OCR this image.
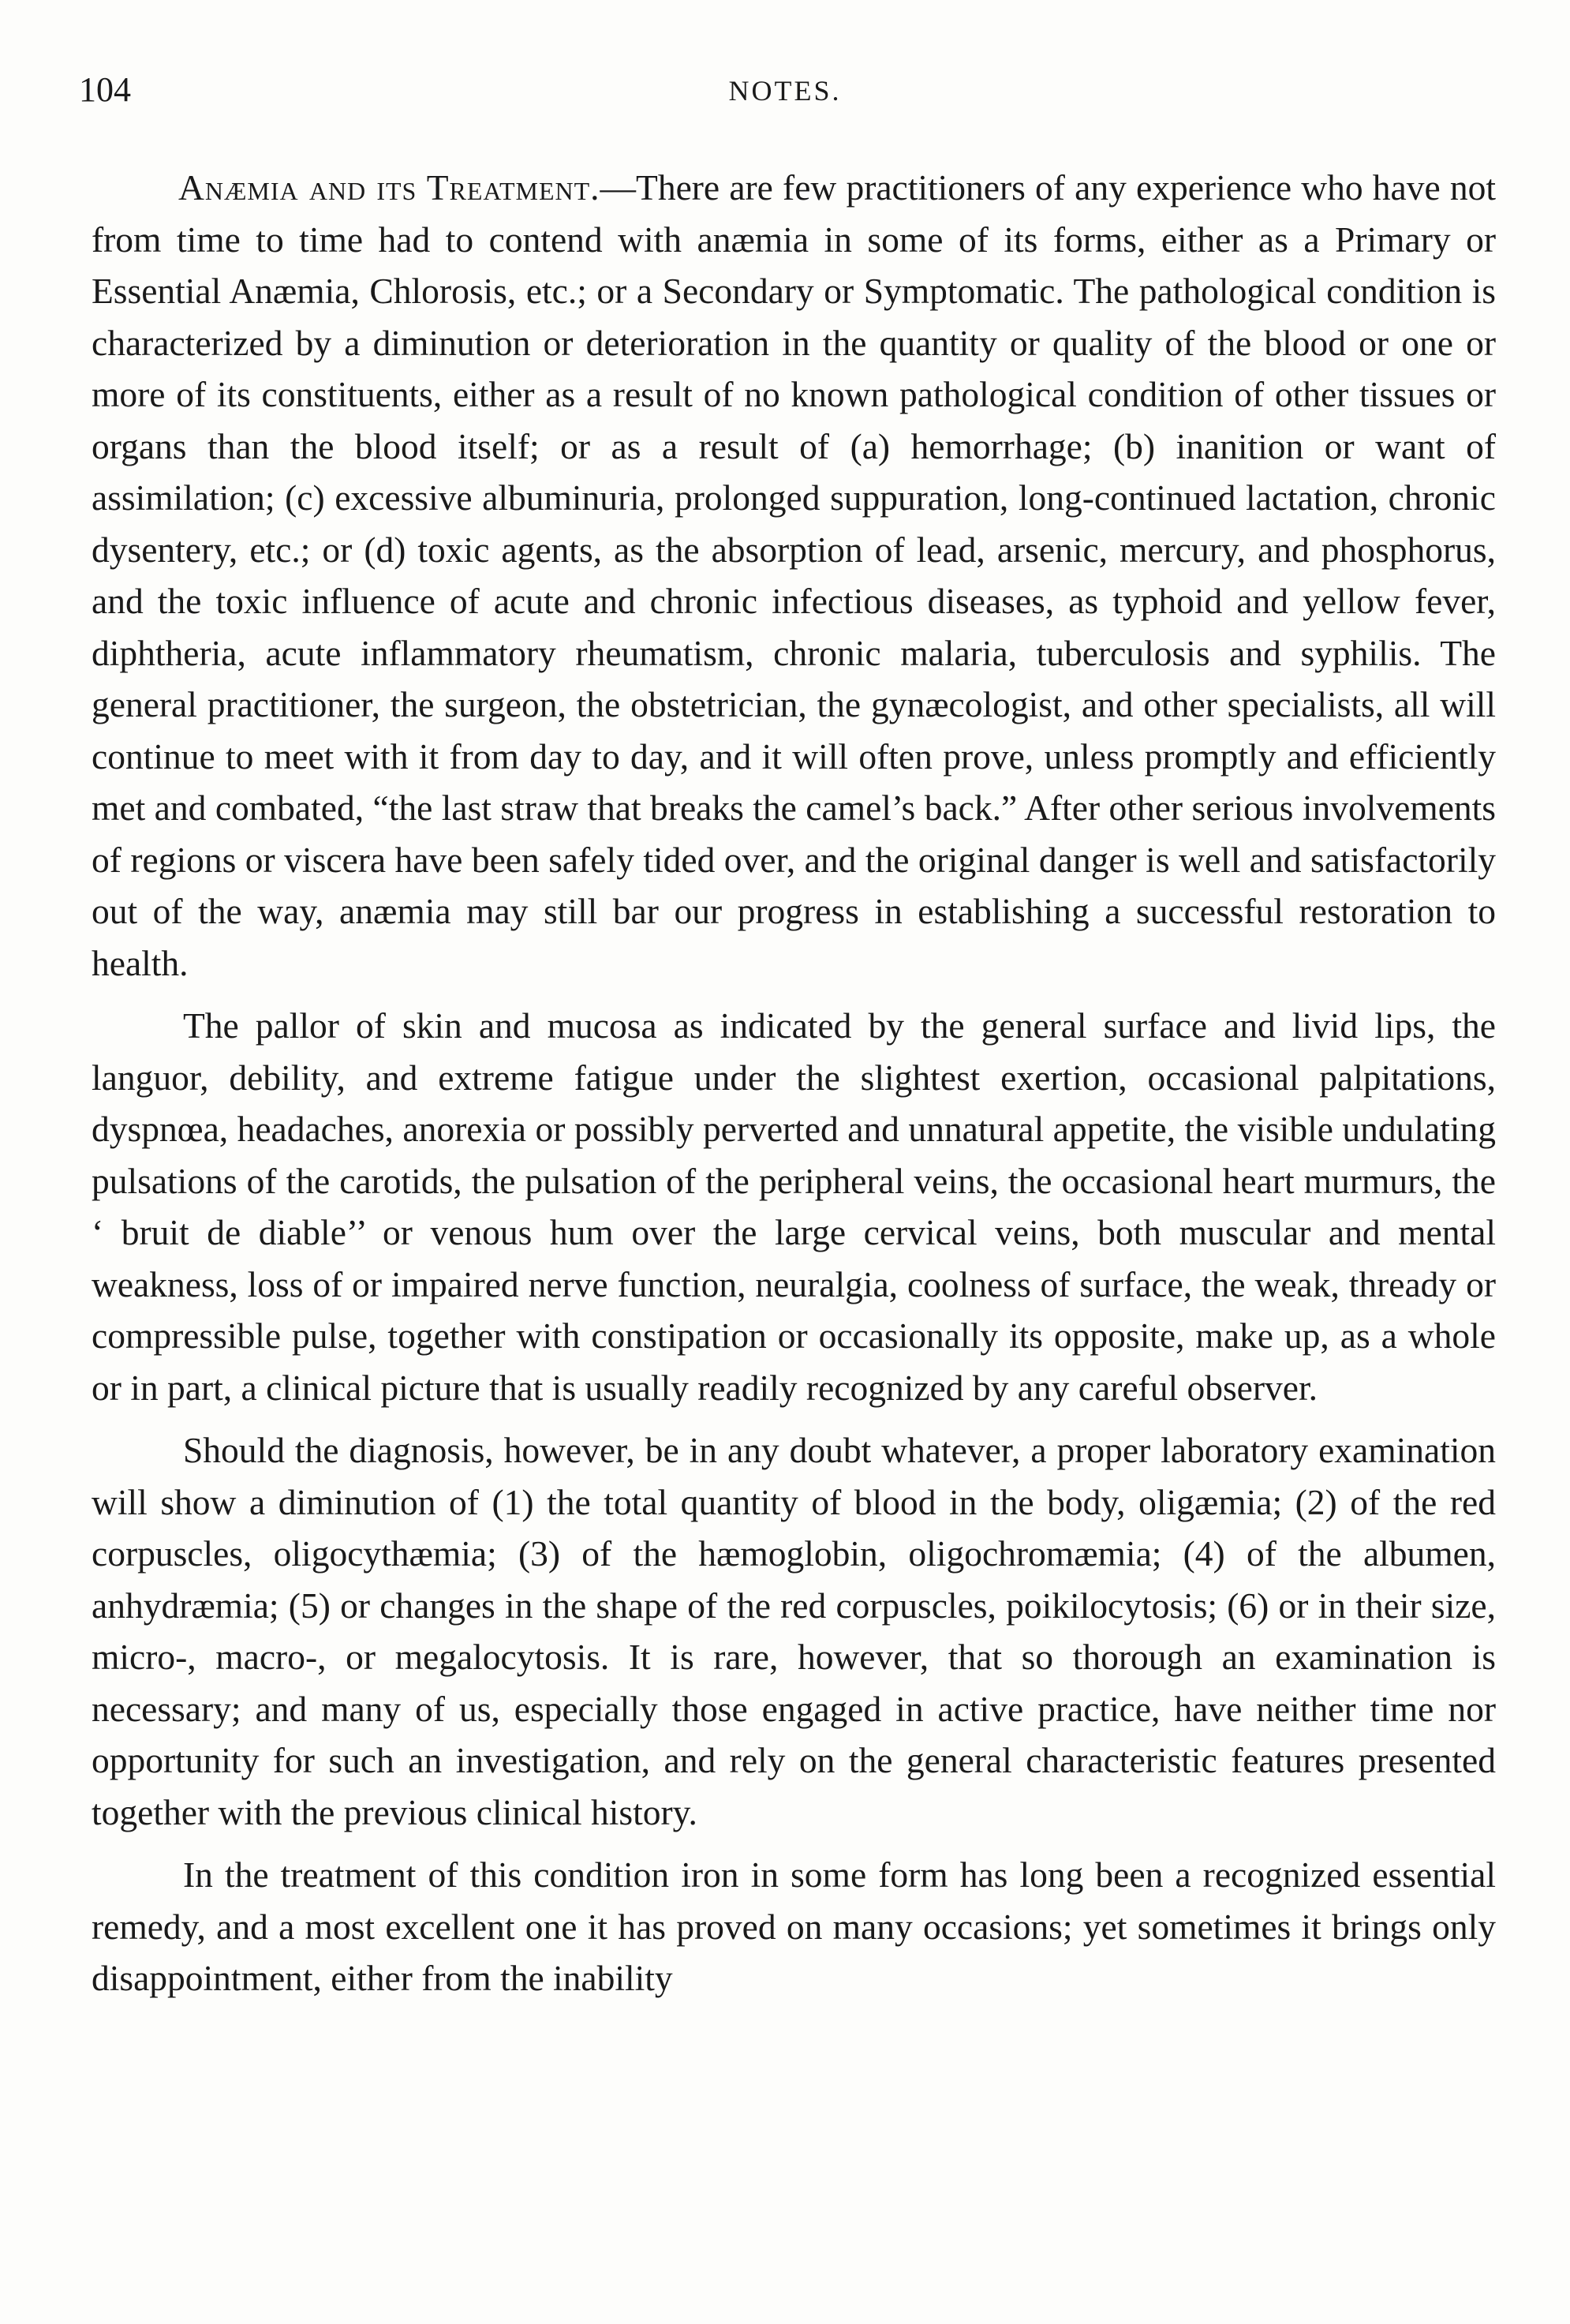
104	NOTES.

Anæmia and its Treatment.—There are few practitioners of any experience who have not from time to time had to contend with anæmia in some of its forms, either as a Primary or Essential Anæmia, Chlorosis, etc.; or a Secondary or Symptomatic. The pathological condition is characterized by a diminution or deterioration in the quantity or quality of the blood or one or more of its constituents, either as a result of no known pathological condition of other tissues or organs than the blood itself; or as a result of (a) hemorrhage; (b) inanition or want of assimilation; (c) excessive albuminuria, prolonged suppuration, long-continued lactation, chronic dysentery, etc.; or (d) toxic agents, as the absorption of lead, arsenic, mercury, and phosphorus, and the toxic influence of acute and chronic infectious diseases, as typhoid and yellow fever, diphtheria, acute inflammatory rheumatism, chronic malaria, tuberculosis and syphilis. The general practitioner, the surgeon, the obstetrician, the gynæcologist, and other specialists, all will continue to meet with it from day to day, and it will often prove, unless promptly and efficiently met and combated, “the last straw that breaks the camel’s back.” After other serious involvements of regions or viscera have been safely tided over, and the original danger is well and satisfactorily out of the way, anæmia may still bar our progress in establishing a successful restoration to health.

The pallor of skin and mucosa as indicated by the general surface and livid lips, the languor, debility, and extreme fatigue under the slightest exertion, occasional palpitations, dyspnœa, headaches, anorexia or possibly perverted and unnatural appetite, the visible undulating pulsations of the carotids, the pulsation of the peripheral veins, the occasional heart murmurs, the ‘ bruit de diable’’ or venous hum over the large cervical veins, both muscular and mental weakness, loss of or impaired nerve function, neuralgia, coolness of surface, the weak, thready or compressible pulse, together with constipation or occasionally its opposite, make up, as a whole or in part, a clinical picture that is usually readily recognized by any careful observer.

Should the diagnosis, however, be in any doubt whatever, a proper laboratory examination will show a diminution of (1) the total quantity of blood in the body, oligæmia; (2) of the red corpuscles, oligocythæmia; (3) of the hæmoglobin, oligochromæmia; (4) of the albumen, anhydræmia; (5) or changes in the shape of the red corpuscles, poikilocytosis; (6) or in their size, micro-, macro-, or megalocytosis. It is rare, however, that so thorough an examination is necessary; and many of us, especially those engaged in active practice, have neither time nor opportunity for such an investigation, and rely on the general characteristic features presented together with the previous clinical history.

In the treatment of this condition iron in some form has long been a recognized essential remedy, and a most excellent one it has proved on many occasions; yet sometimes it brings only disappointment, either from the inability
